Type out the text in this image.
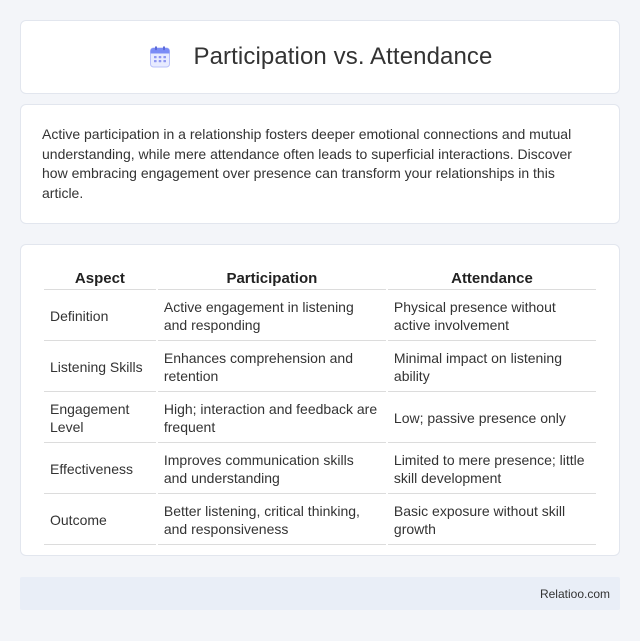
Participation vs. Attendance

Active participation in a relationship fosters deeper emotional connections and mutual understanding, while mere attendance often leads to superficial interactions. Discover how embracing engagement over presence can transform your relationships in this article.

Aspect	Participation	Attendance
Definition	Active engagement in listening and responding	Physical presence without active involvement
Listening Skills	Enhances comprehension and retention	Minimal impact on listening ability
Engagement Level	High; interaction and feedback are frequent	Low; passive presence only
Effectiveness	Improves communication skills and understanding	Limited to mere presence; little skill development
Outcome	Better listening, critical thinking, and responsiveness	Basic exposure without skill growth
Relatioo.com
